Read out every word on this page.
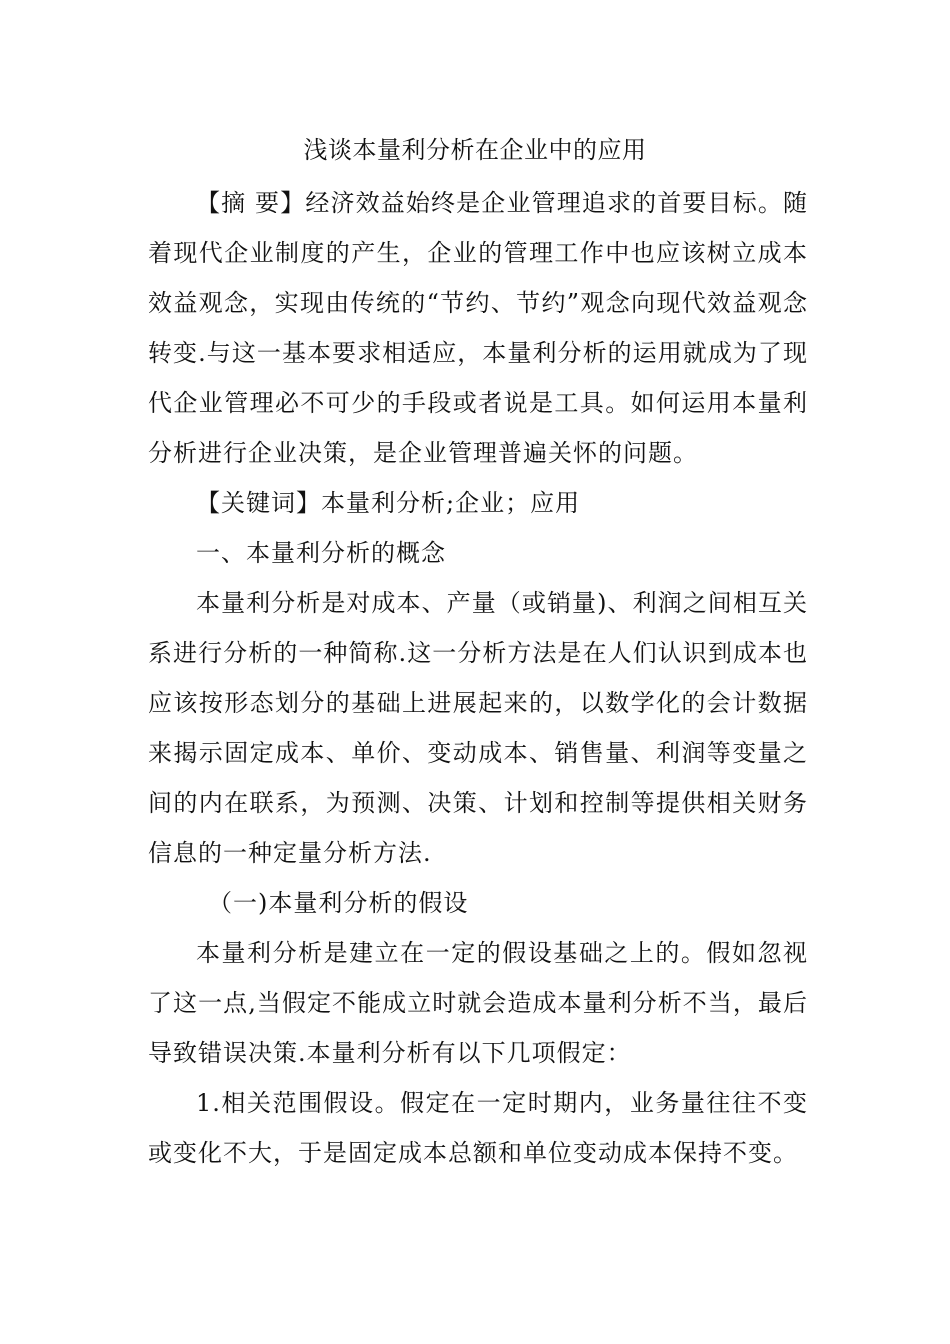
浅谈本量利分析在企业中的应用

【摘 要】经济效益始终是企业管理追求的首要目标。随着现代企业制度的产生，企业的管理工作中也应该树立成本效益观念，实现由传统的“节约、节约”观念向现代效益观念转变.与这一基本要求相适应，本量利分析的运用就成为了现代企业管理必不可少的手段或者说是工具。如何运用本量利分析进行企业决策，是企业管理普遍关怀的问题。

【关键词】本量利分析;企业；应用

一、本量利分析的概念

本量利分析是对成本、产量（或销量)、利润之间相互关系进行分析的一种简称.这一分析方法是在人们认识到成本也应该按形态划分的基础上进展起来的，以数学化的会计数据来揭示固定成本、单价、变动成本、销售量、利润等变量之间的内在联系，为预测、决策、计划和控制等提供相关财务信息的一种定量分析方法.

（一)本量利分析的假设

本量利分析是建立在一定的假设基础之上的。假如忽视了这一点,当假定不能成立时就会造成本量利分析不当，最后导致错误决策.本量利分析有以下几项假定：

1.相关范围假设。假定在一定时期内，业务量往往不变或变化不大，于是固定成本总额和单位变动成本保持不变。
